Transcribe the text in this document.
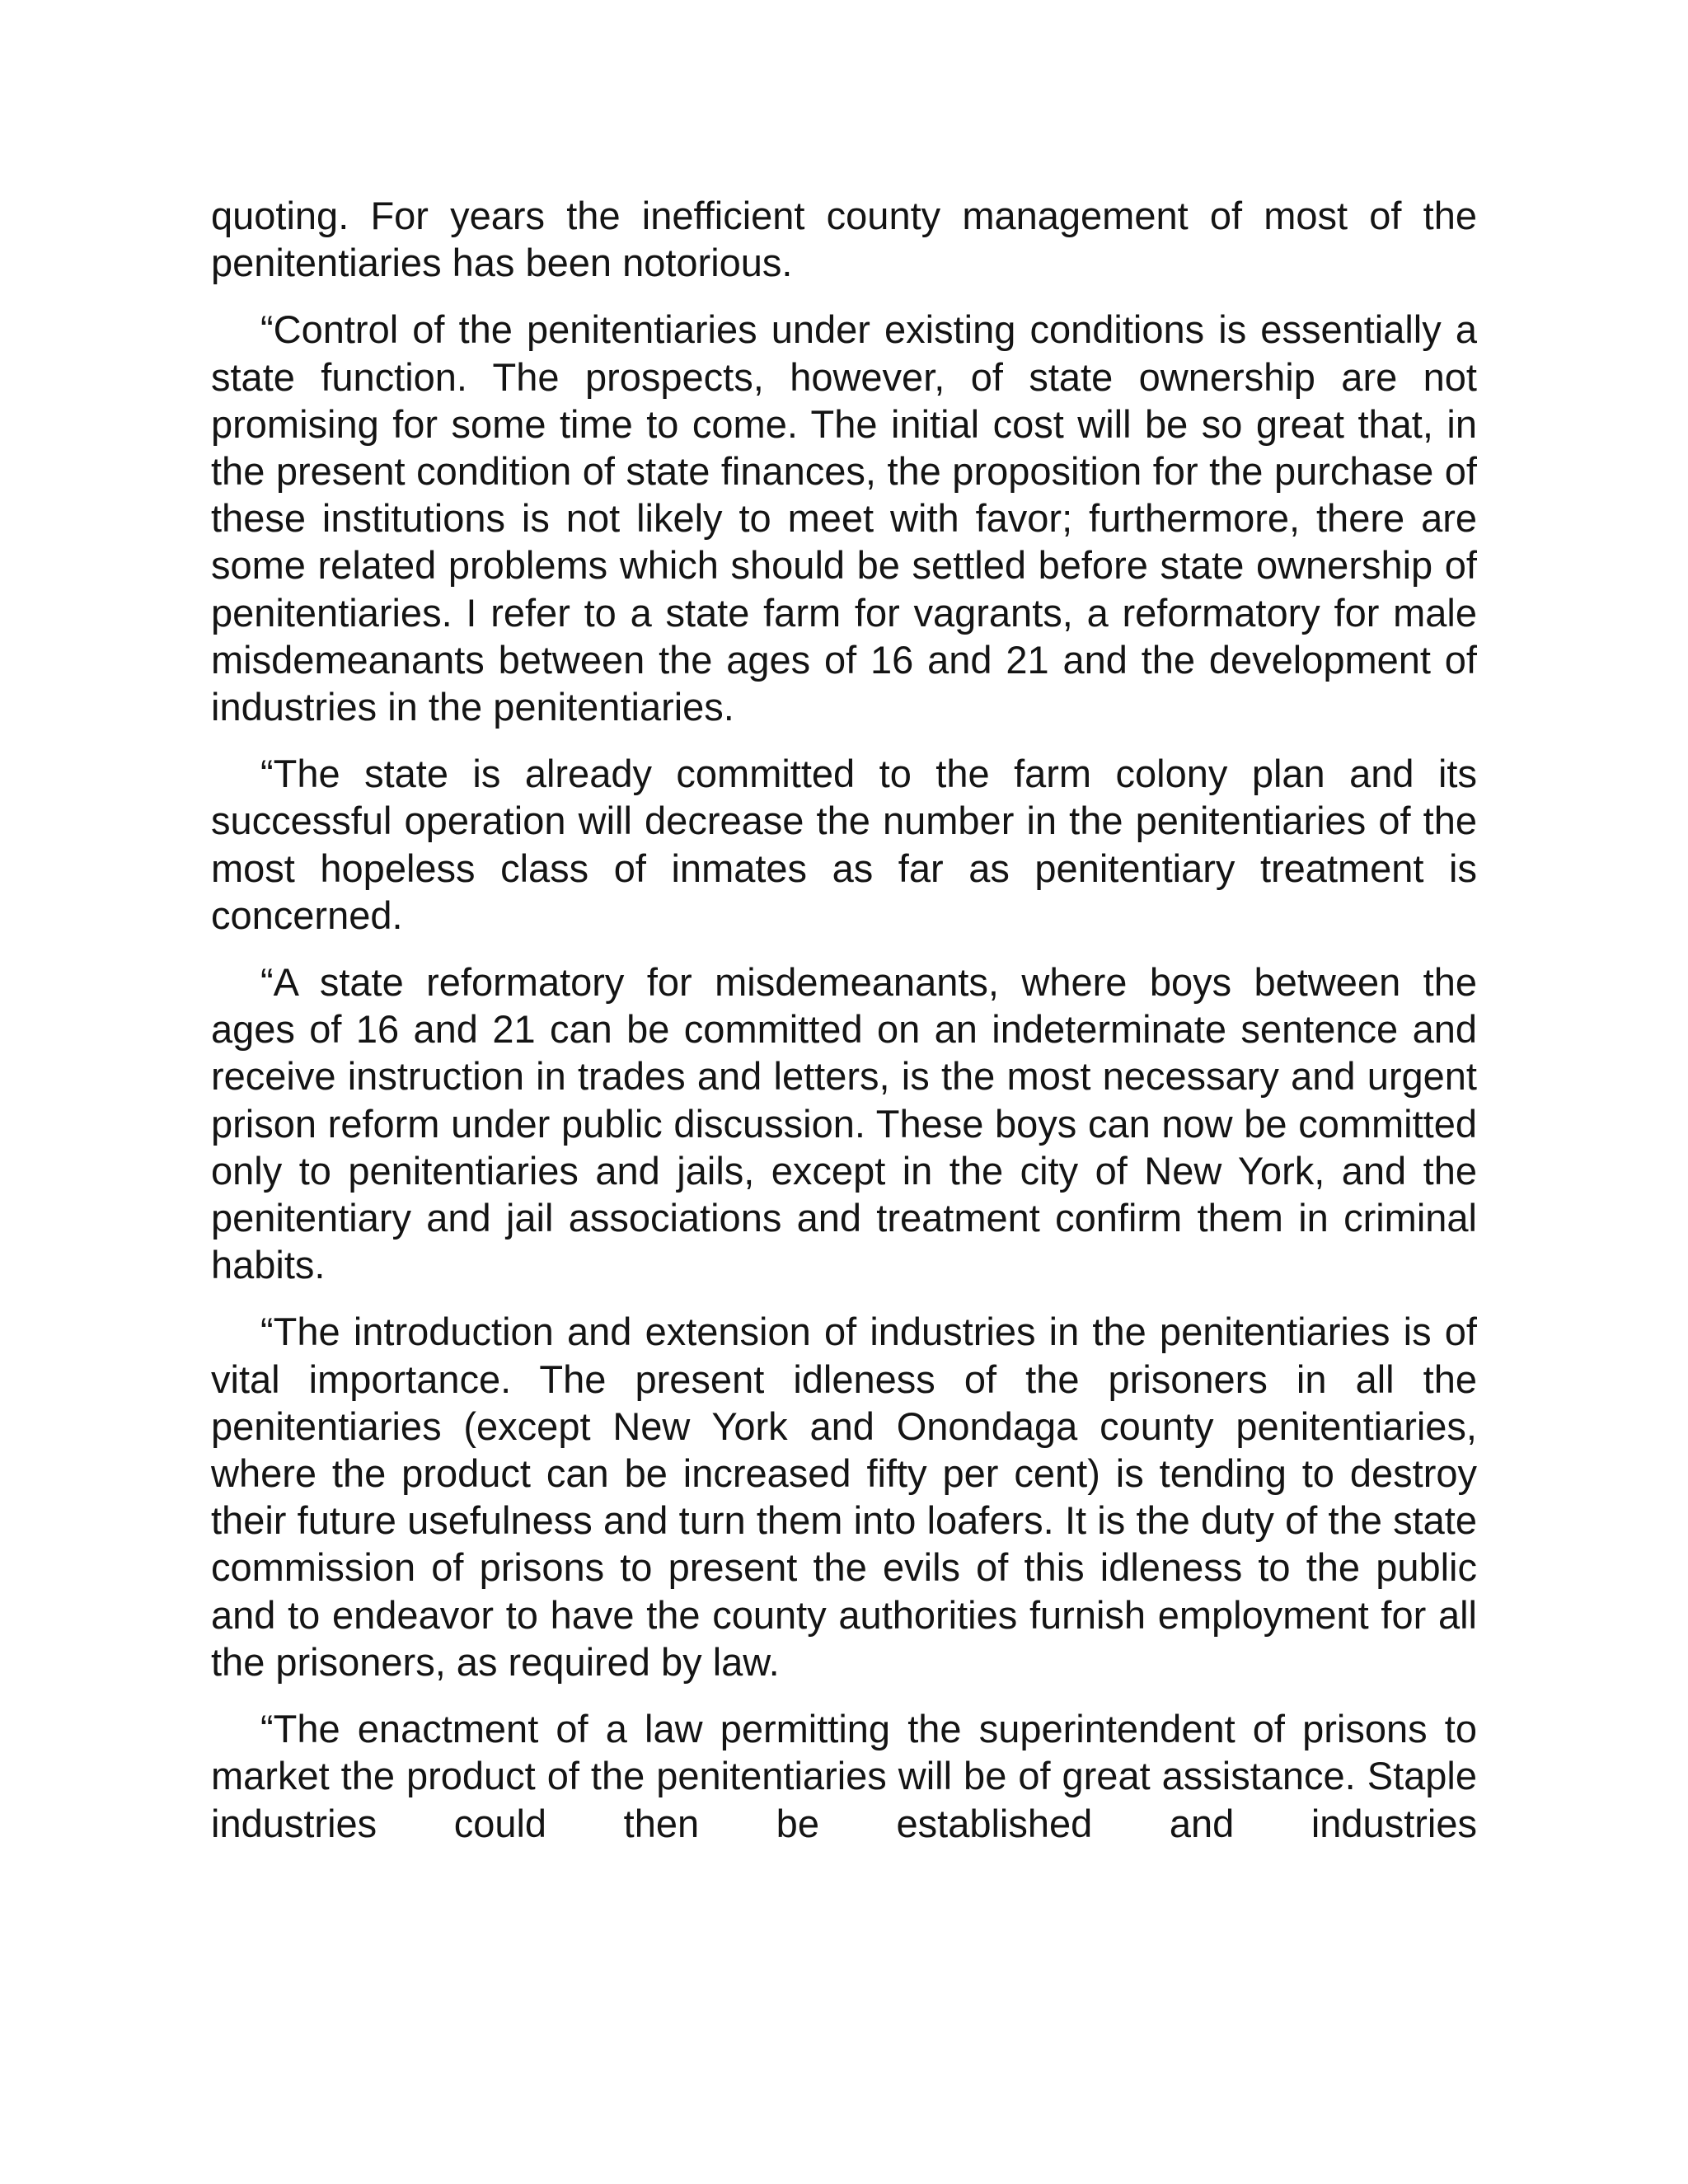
quoting. For years the inefficient county management of most of the penitentiaries has been notorious.

“Control of the penitentiaries under existing conditions is essentially a state function. The prospects, however, of state ownership are not promising for some time to come. The initial cost will be so great that, in the present condition of state finances, the proposition for the purchase of these institutions is not likely to meet with favor; furthermore, there are some related problems which should be settled before state ownership of penitentiaries. I refer to a state farm for vagrants, a reformatory for male misdemeanants between the ages of 16 and 21 and the development of industries in the penitentiaries.

“The state is already committed to the farm colony plan and its successful operation will decrease the number in the penitentiaries of the most hopeless class of inmates as far as penitentiary treatment is concerned.

“A state reformatory for misdemeanants, where boys between the ages of 16 and 21 can be committed on an indeterminate sentence and receive instruction in trades and letters, is the most necessary and urgent prison reform under public discussion. These boys can now be committed only to penitentiaries and jails, except in the city of New York, and the penitentiary and jail associations and treatment confirm them in criminal habits.

“The introduction and extension of industries in the penitentiaries is of vital importance. The present idleness of the prisoners in all the penitentiaries (except New York and Onondaga county penitentiaries, where the product can be increased fifty per cent) is tending to destroy their future usefulness and turn them into loafers. It is the duty of the state commission of prisons to present the evils of this idleness to the public and to endeavor to have the county authorities furnish employment for all the prisoners, as required by law.

“The enactment of a law permitting the superintendent of prisons to market the product of the penitentiaries will be of great assistance. Staple industries could then be established and industries
